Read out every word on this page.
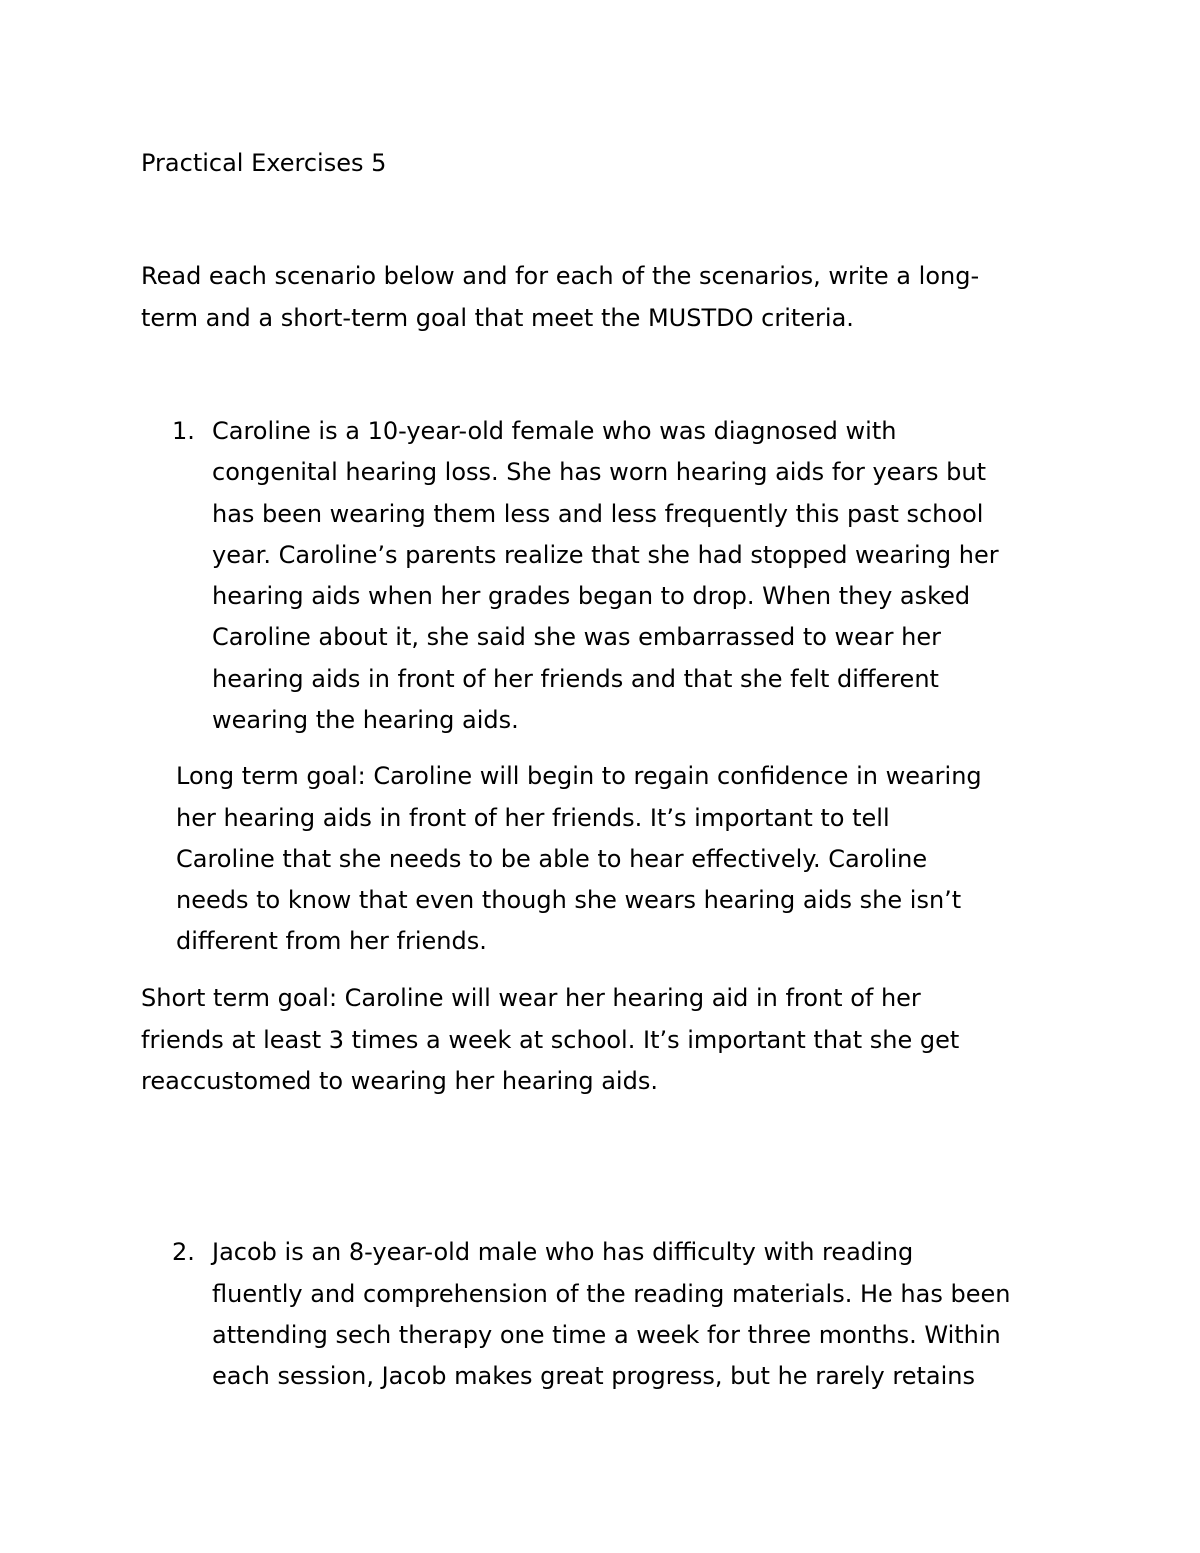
Practical Exercises 5
Read each scenario below and for each of the scenarios, write a long-
term and a short-term goal that meet the MUSTDO criteria.
1. Caroline is a 10-year-old female who was diagnosed with
congenital hearing loss. She has worn hearing aids for years but
has been wearing them less and less frequently this past school
year. Caroline’s parents realize that she had stopped wearing her
hearing aids when her grades began to drop. When they asked
Caroline about it, she said she was embarrassed to wear her
hearing aids in front of her friends and that she felt different
wearing the hearing aids.
Long term goal: Caroline will begin to regain confidence in wearing
her hearing aids in front of her friends. It’s important to tell
Caroline that she needs to be able to hear effectively. Caroline
needs to know that even though she wears hearing aids she isn’t
different from her friends.
Short term goal: Caroline will wear her hearing aid in front of her
friends at least 3 times a week at school. It’s important that she get
reaccustomed to wearing her hearing aids.
2. Jacob is an 8-year-old male who has difficulty with reading
fluently and comprehension of the reading materials. He has been
attending sech therapy one time a week for three months. Within
each session, Jacob makes great progress, but he rarely retains
